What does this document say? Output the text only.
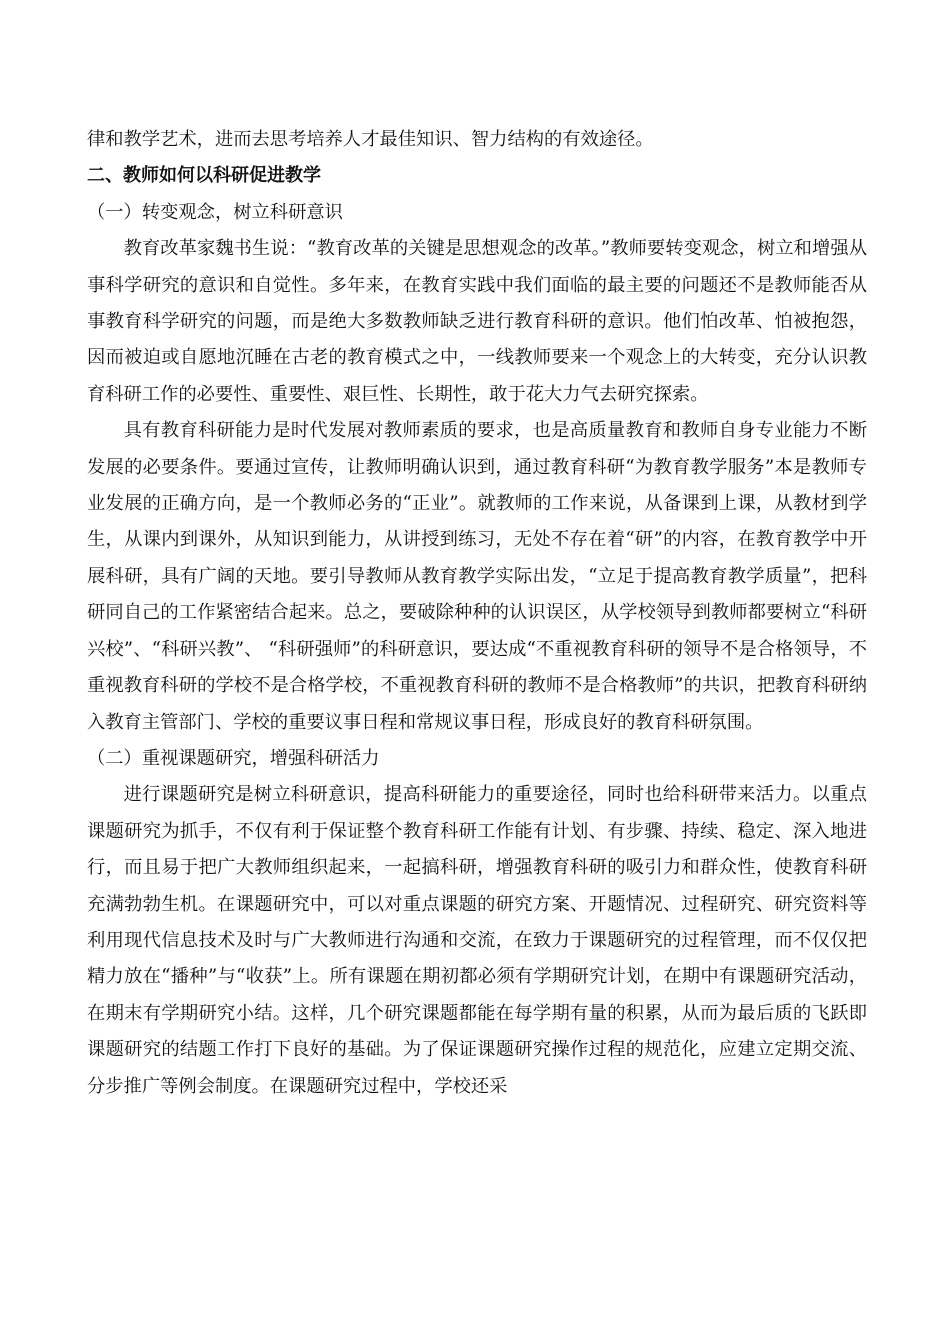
律和教学艺术，进而去思考培养人才最佳知识、智力结构的有效途径。

二、教师如何以科研促进教学

（一）转变观念，树立科研意识

教育改革家魏书生说：“教育改革的关键是思想观念的改革。”教师要转变观念，树立和增强从事科学研究的意识和自觉性。多年来，在教育实践中我们面临的最主要的问题还不是教师能否从事教育科学研究的问题，而是绝大多数教师缺乏进行教育科研的意识。他们怕改革、怕被抱怨，因而被迫或自愿地沉睡在古老的教育模式之中，一线教师要来一个观念上的大转变，充分认识教育科研工作的必要性、重要性、艰巨性、长期性，敢于花大力气去研究探索。

具有教育科研能力是时代发展对教师素质的要求，也是高质量教育和教师自身专业能力不断发展的必要条件。要通过宣传，让教师明确认识到，通过教育科研“为教育教学服务”本是教师专业发展的正确方向，是一个教师必务的“正业”。就教师的工作来说，从备课到上课，从教材到学生，从课内到课外，从知识到能力，从讲授到练习，无处不存在着“研”的内容，在教育教学中开展科研，具有广阔的天地。要引导教师从教育教学实际出发，“立足于提高教育教学质量”，把科研同自己的工作紧密结合起来。总之，要破除种种的认识误区，从学校领导到教师都要树立“科研兴校”、“科研兴教”、 “科研强师”的科研意识，要达成“不重视教育科研的领导不是合格领导，不重视教育科研的学校不是合格学校，不重视教育科研的教师不是合格教师”的共识，把教育科研纳入教育主管部门、学校的重要议事日程和常规议事日程，形成良好的教育科研氛围。

（二）重视课题研究，增强科研活力

进行课题研究是树立科研意识，提高科研能力的重要途径，同时也给科研带来活力。以重点课题研究为抓手，不仅有利于保证整个教育科研工作能有计划、有步骤、持续、稳定、深入地进行，而且易于把广大教师组织起来，一起搞科研，增强教育科研的吸引力和群众性，使教育科研充满勃勃生机。在课题研究中，可以对重点课题的研究方案、开题情况、过程研究、研究资料等利用现代信息技术及时与广大教师进行沟通和交流，在致力于课题研究的过程管理，而不仅仅把精力放在“播种”与“收获”上。所有课题在期初都必须有学期研究计划，在期中有课题研究活动，在期末有学期研究小结。这样，几个研究课题都能在每学期有量的积累，从而为最后质的飞跃即课题研究的结题工作打下良好的基础。为了保证课题研究操作过程的规范化，应建立定期交流、分步推广等例会制度。在课题研究过程中，学校还采
